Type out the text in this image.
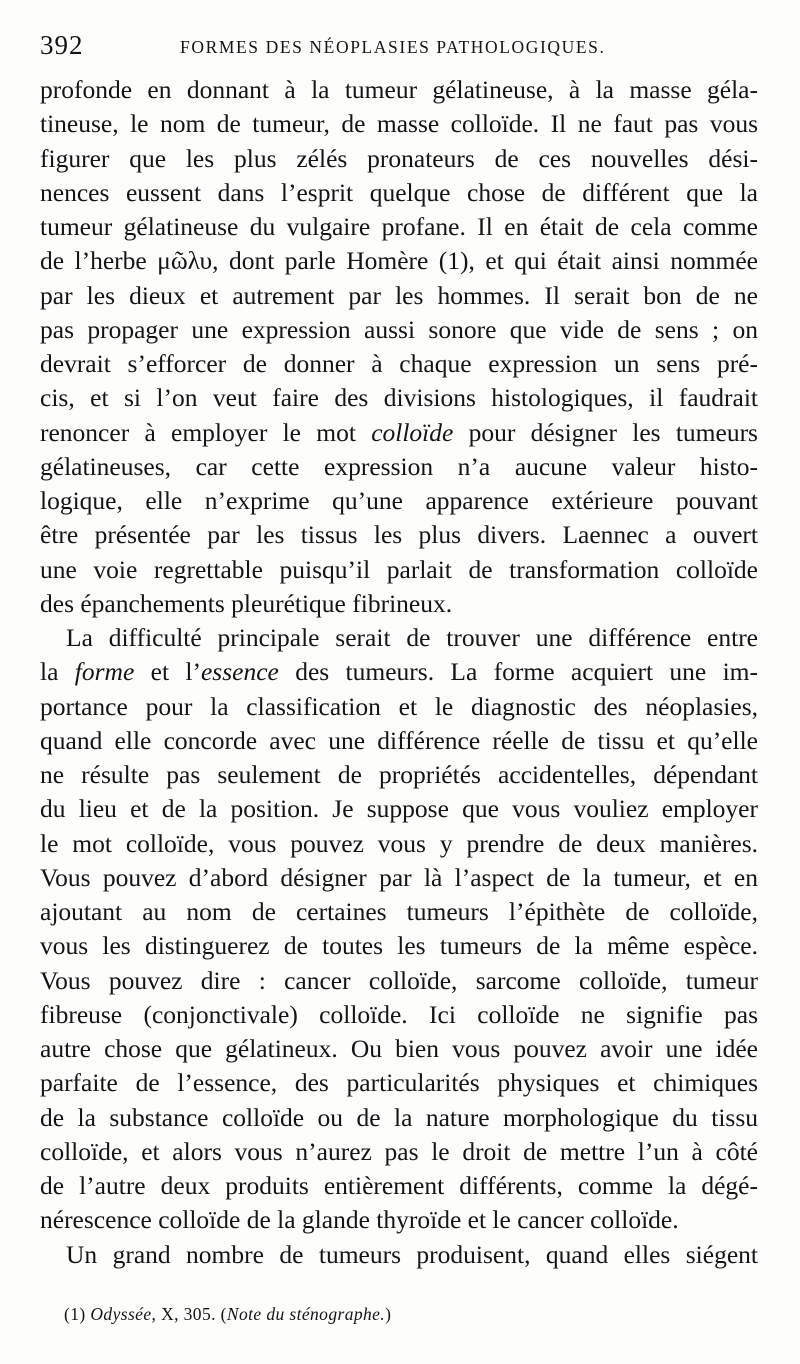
392	FORMES DES NÉOPLASIES PATHOLOGIQUES.
profonde en donnant à la tumeur gélatineuse, à la masse géla-
tineuse, le nom de tumeur, de masse colloïde. Il ne faut pas vous
figurer que les plus zélés pronateurs de ces nouvelles dési-
nences eussent dans l’esprit quelque chose de différent que la
tumeur gélatineuse du vulgaire profane. Il en était de cela comme
de l’herbe μῶλυ, dont parle Homère (1), et qui était ainsi nommée
par les dieux et autrement par les hommes. Il serait bon de ne
pas propager une expression aussi sonore que vide de sens ; on
devrait s’efforcer de donner à chaque expression un sens pré-
cis, et si l’on veut faire des divisions histologiques, il faudrait
renoncer à employer le mot colloïde pour désigner les tumeurs
gélatineuses, car cette expression n’a aucune valeur histo-
logique, elle n’exprime qu’une apparence extérieure pouvant
être présentée par les tissus les plus divers. Laennec a ouvert
une voie regrettable puisqu’il parlait de transformation colloïde
des épanchements pleurétique fibrineux.
La difficulté principale serait de trouver une différence entre
la forme et l’essence des tumeurs. La forme acquiert une im-
portance pour la classification et le diagnostic des néoplasies,
quand elle concorde avec une différence réelle de tissu et qu’elle
ne résulte pas seulement de propriétés accidentelles, dépendant
du lieu et de la position. Je suppose que vous vouliez employer
le mot colloïde, vous pouvez vous y prendre de deux manières.
Vous pouvez d’abord désigner par là l’aspect de la tumeur, et en
ajoutant au nom de certaines tumeurs l’épithète de colloïde,
vous les distinguerez de toutes les tumeurs de la même espèce.
Vous pouvez dire : cancer colloïde, sarcome colloïde, tumeur
fibreuse (conjonctivale) colloïde. Ici colloïde ne signifie pas
autre chose que gélatineux. Ou bien vous pouvez avoir une idée
parfaite de l’essence, des particularités physiques et chimiques
de la substance colloïde ou de la nature morphologique du tissu
colloïde, et alors vous n’aurez pas le droit de mettre l’un à côté
de l’autre deux produits entièrement différents, comme la dégé-
nérescence colloïde de la glande thyroïde et le cancer colloïde.
Un grand nombre de tumeurs produisent, quand elles siégent
(1) Odyssée, X, 305. (Note du sténographe.)
